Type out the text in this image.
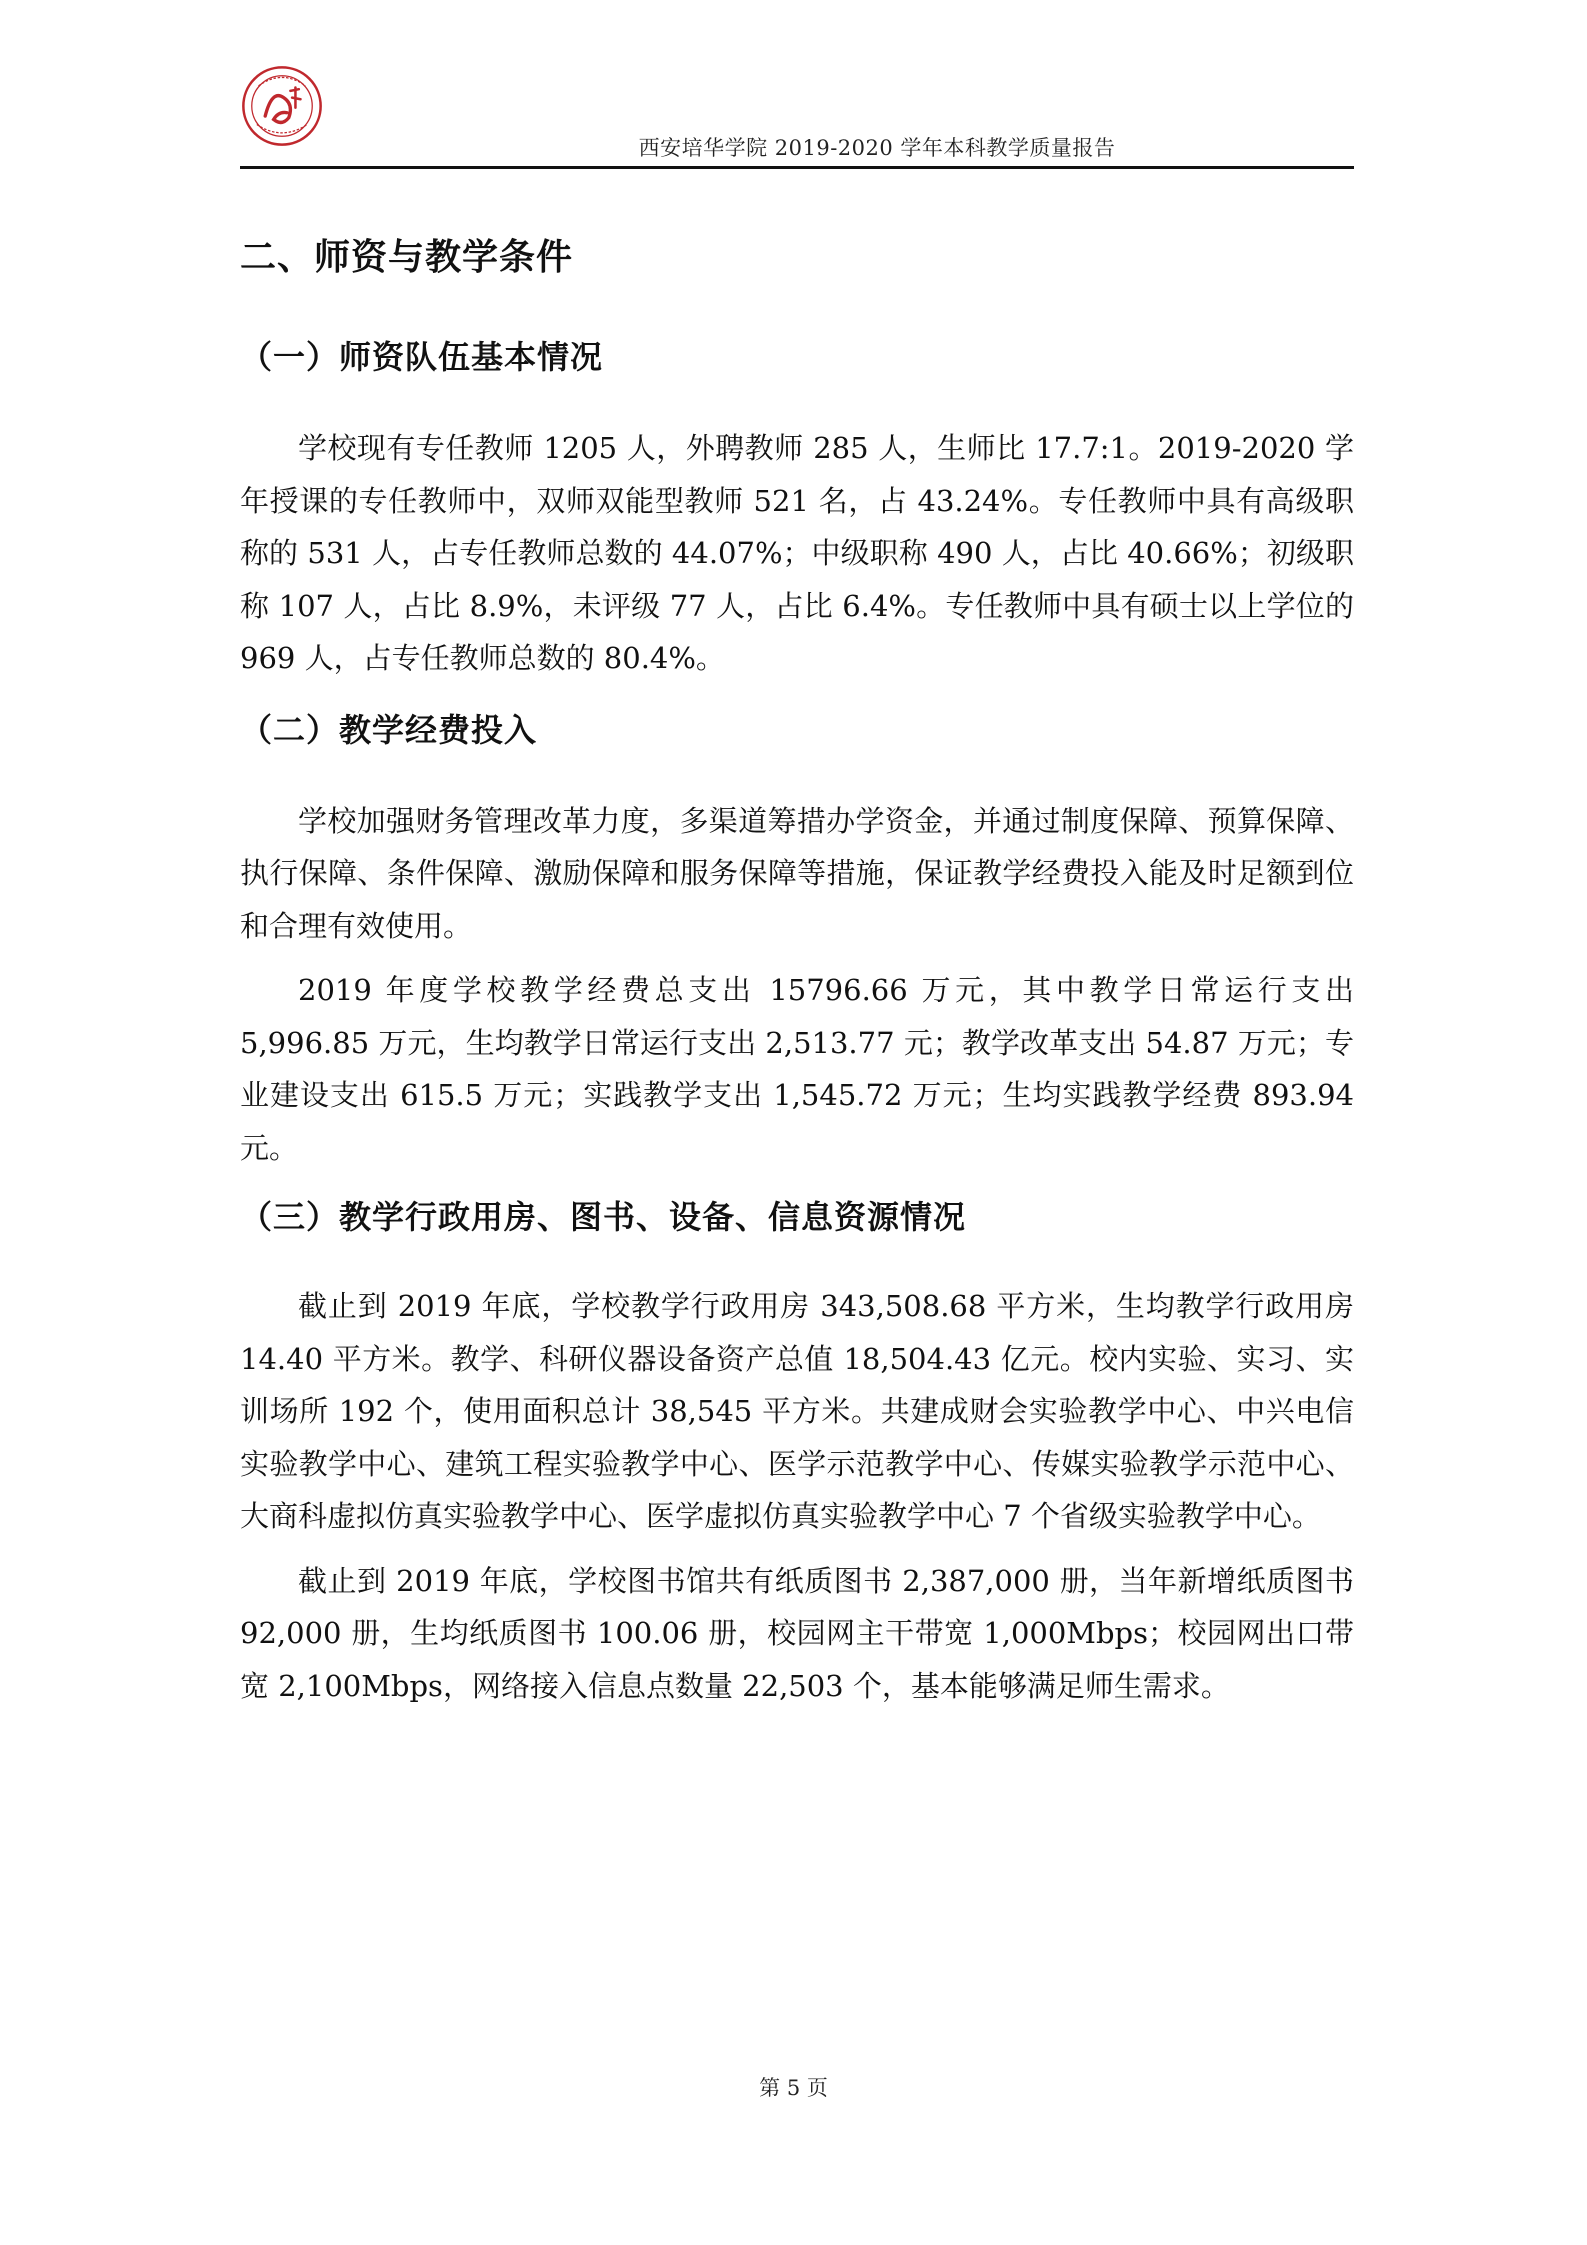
西安培华学院 2019-2020 学年本科教学质量报告
二、师资与教学条件
（一）师资队伍基本情况

学校现有专任教师 1205 人，外聘教师 285 人，生师比 17.7:1。2019-2020 学年授课的专任教师中，双师双能型教师 521 名，占 43.24%。专任教师中具有高级职称的 531 人，占专任教师总数的 44.07%；中级职称 490 人，占比 40.66%；初级职称 107 人，占比 8.9%，未评级 77 人，占比 6.4%。专任教师中具有硕士以上学位的 969 人，占专任教师总数的 80.4%。

（二）教学经费投入

学校加强财务管理改革力度，多渠道筹措办学资金，并通过制度保障、预算保障、执行保障、条件保障、激励保障和服务保障等措施，保证教学经费投入能及时足额到位和合理有效使用。

2019 年度学校教学经费总支出 15796.66 万元，其中教学日常运行支出 5,996.85 万元，生均教学日常运行支出 2,513.77 元；教学改革支出 54.87 万元；专业建设支出 615.5 万元；实践教学支出 1,545.72 万元；生均实践教学经费 893.94 元。

（三）教学行政用房、图书、设备、信息资源情况

截止到 2019 年底，学校教学行政用房 343,508.68 平方米，生均教学行政用房 14.40 平方米。教学、科研仪器设备资产总值 18,504.43 亿元。校内实验、实习、实训场所 192 个，使用面积总计 38,545 平方米。共建成财会实验教学中心、中兴电信实验教学中心、建筑工程实验教学中心、医学示范教学中心、传媒实验教学示范中心、大商科虚拟仿真实验教学中心、医学虚拟仿真实验教学中心 7 个省级实验教学中心。

截止到 2019 年底，学校图书馆共有纸质图书 2,387,000 册，当年新增纸质图书 92,000 册，生均纸质图书 100.06 册，校园网主干带宽 1,000Mbps；校园网出口带宽 2,100Mbps，网络接入信息点数量 22,503 个，基本能够满足师生需求。

第 5 页
